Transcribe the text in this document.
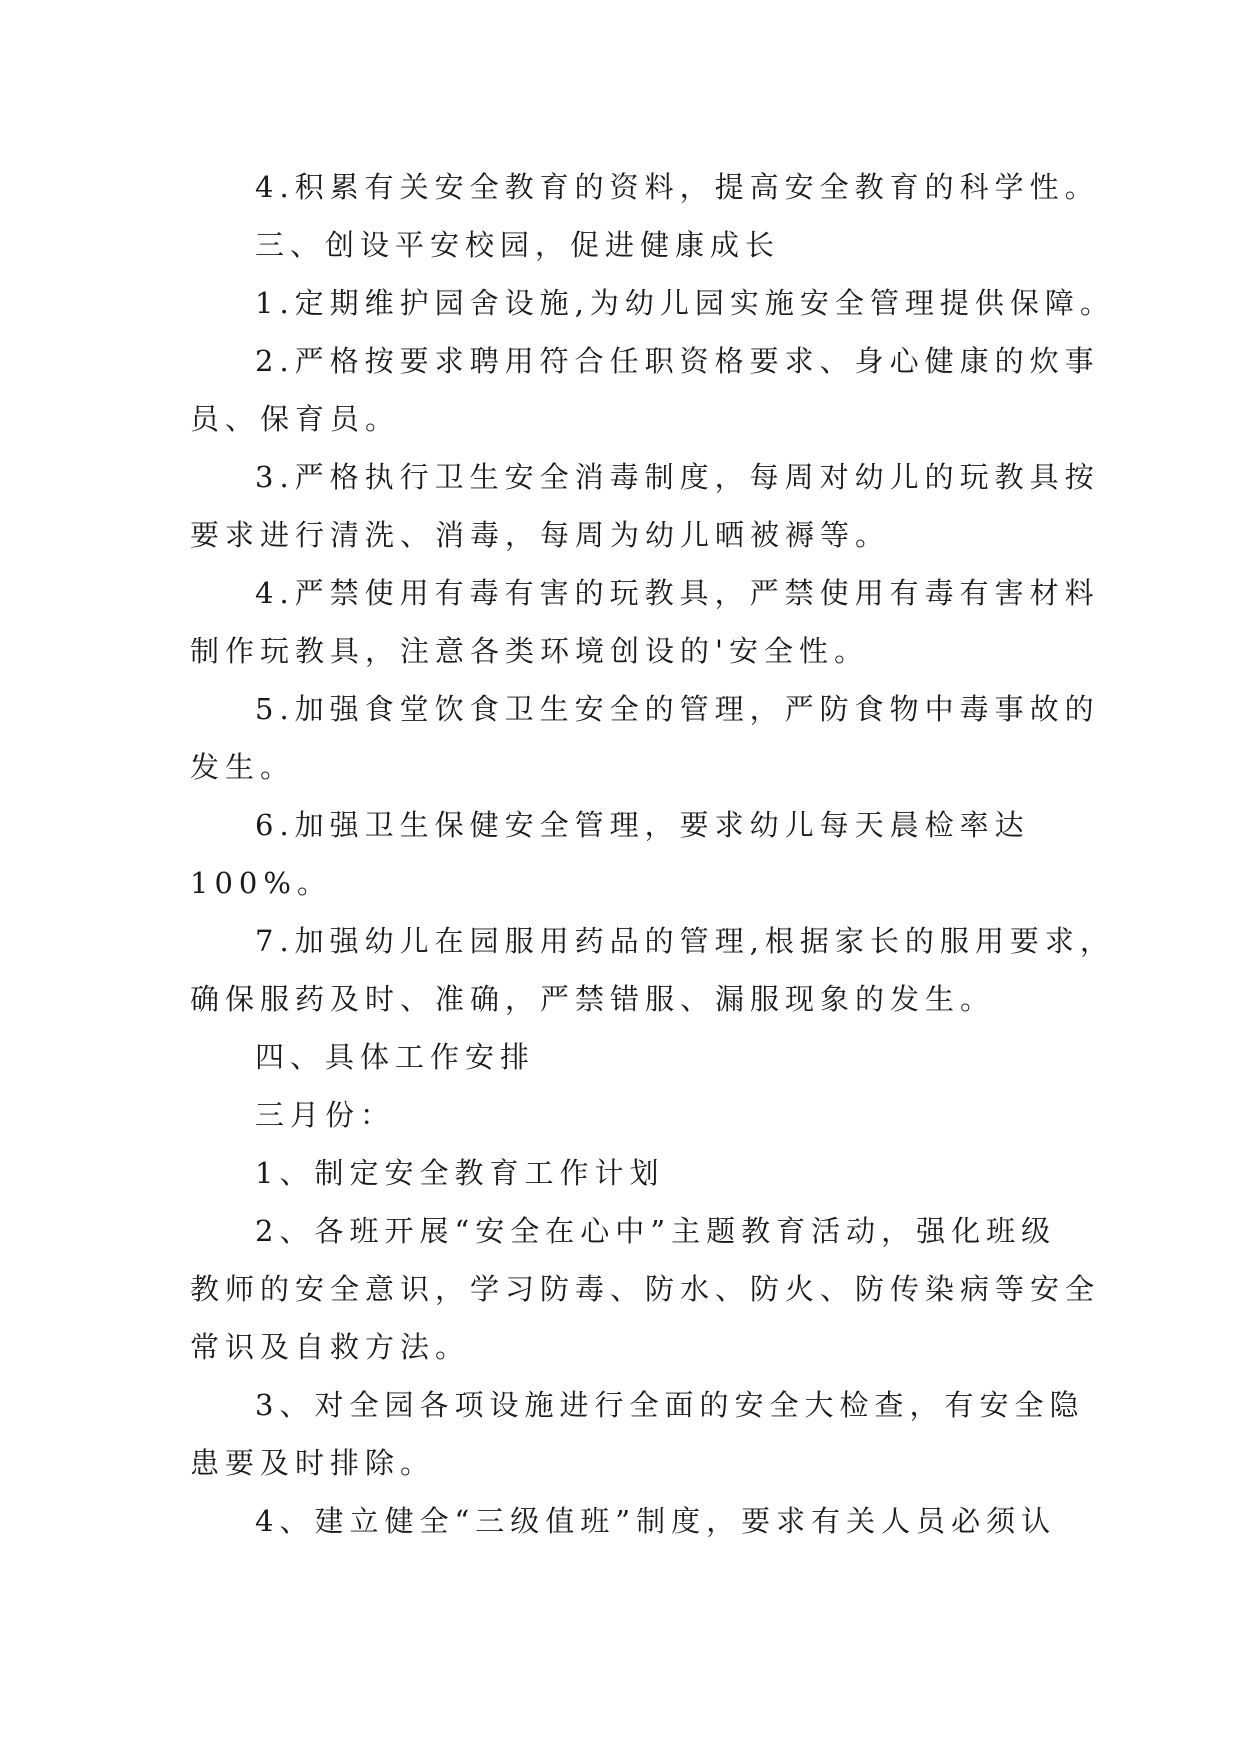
4.积累有关安全教育的资料，提高安全教育的科学性。
三、创设平安校园，促进健康成长
1.定期维护园舍设施,为幼儿园实施安全管理提供保障。
2.严格按要求聘用符合任职资格要求、身心健康的炊事
员、保育员。
3.严格执行卫生安全消毒制度，每周对幼儿的玩教具按
要求进行清洗、消毒，每周为幼儿晒被褥等。
4.严禁使用有毒有害的玩教具，严禁使用有毒有害材料
制作玩教具，注意各类环境创设的'安全性。
5.加强食堂饮食卫生安全的管理，严防食物中毒事故的
发生。
6.加强卫生保健安全管理，要求幼儿每天晨检率达
100%。
7.加强幼儿在园服用药品的管理,根据家长的服用要求，
确保服药及时、准确，严禁错服、漏服现象的发生。
四、具体工作安排
三月份：
1、制定安全教育工作计划
2、各班开展“安全在心中”主题教育活动，强化班级
教师的安全意识，学习防毒、防水、防火、防传染病等安全
常识及自救方法。
3、对全园各项设施进行全面的安全大检查，有安全隐
患要及时排除。
4、建立健全“三级值班”制度，要求有关人员必须认
